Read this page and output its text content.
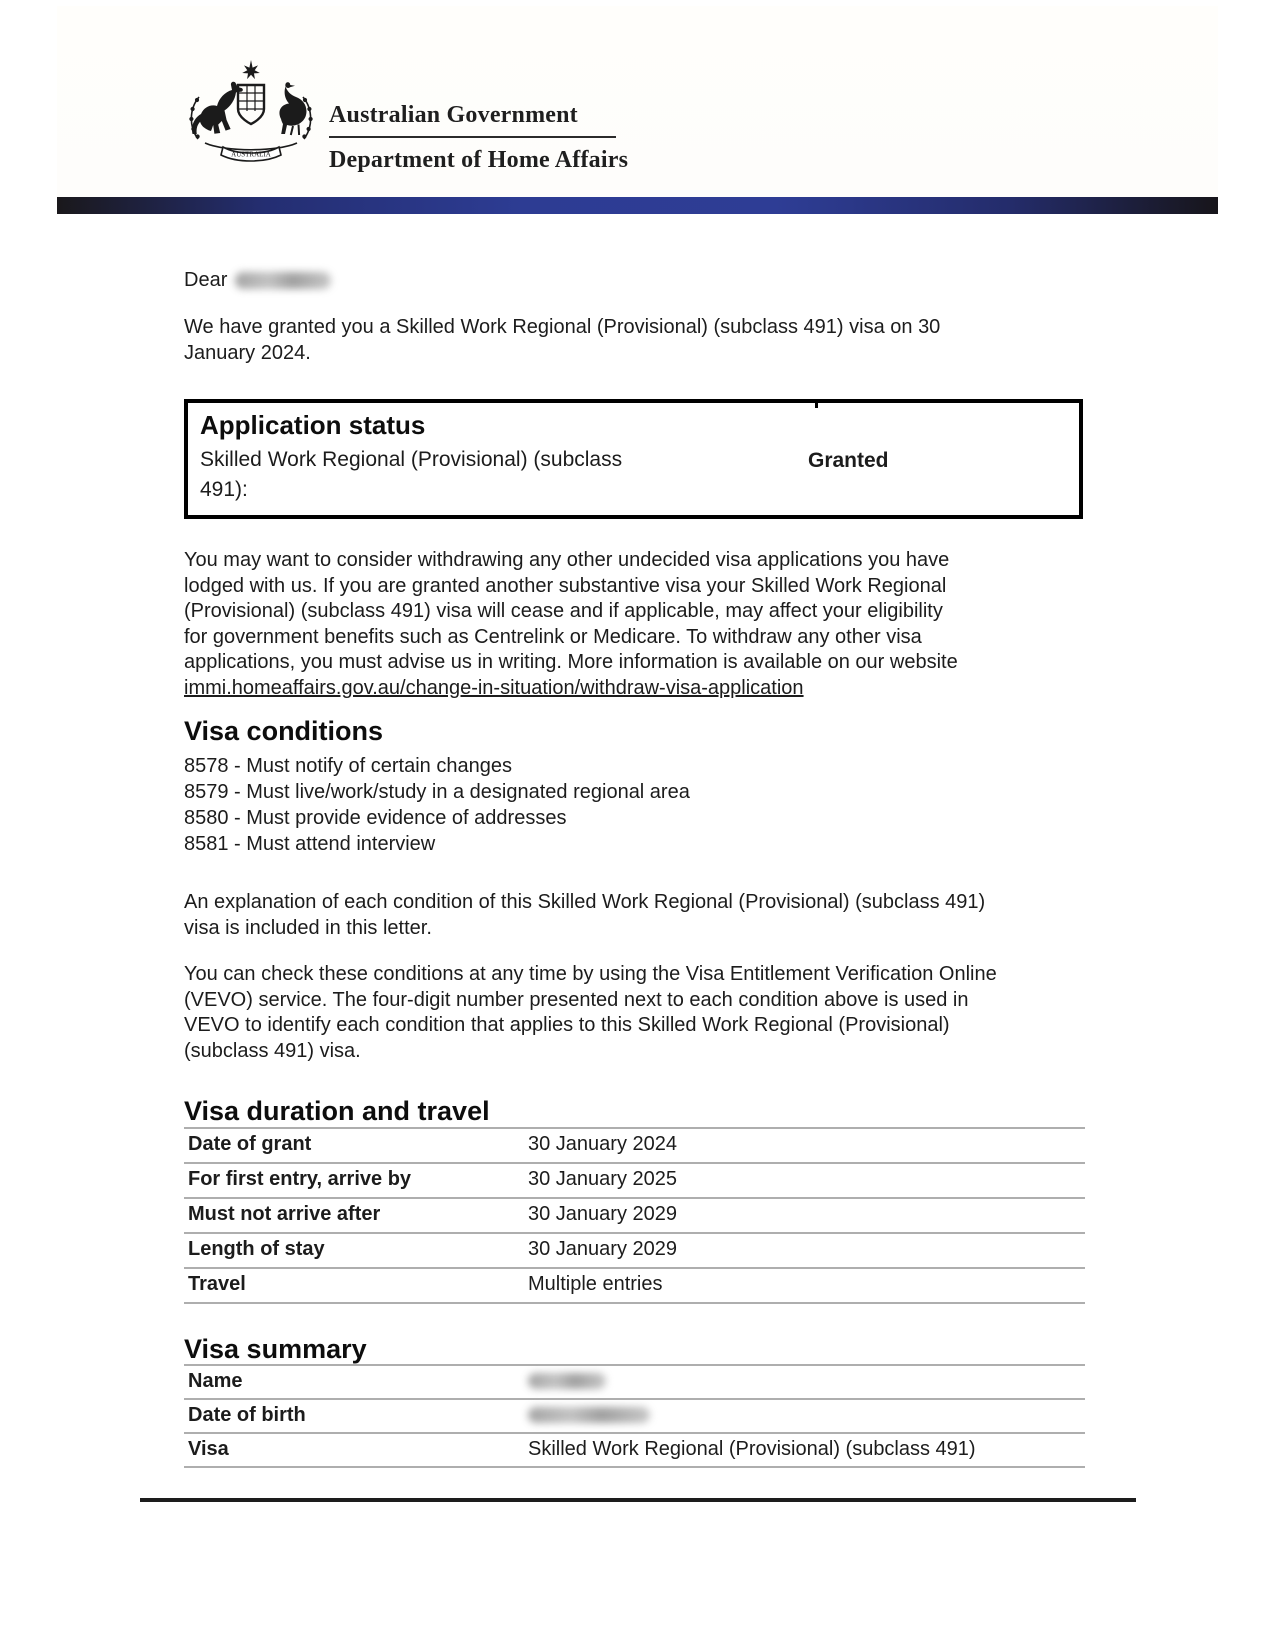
AUSTRALIA
Australian Government
Department of Home Affairs
Dear
We have granted you a Skilled Work Regional (Provisional) (subclass 491) visa on 30
January 2024.
Application status
Skilled Work Regional (Provisional) (subclass
491):
Granted
You may want to consider withdrawing any other undecided visa applications you have
lodged with us. If you are granted another substantive visa your Skilled Work Regional
(Provisional) (subclass 491) visa will cease and if applicable, may affect your eligibility
for government benefits such as Centrelink or Medicare. To withdraw any other visa
applications, you must advise us in writing. More information is available on our website
immi.homeaffairs.gov.au/change-in-situation/withdraw-visa-application
Visa conditions
8578 - Must notify of certain changes
8579 - Must live/work/study in a designated regional area
8580 - Must provide evidence of addresses
8581 - Must attend interview
An explanation of each condition of this Skilled Work Regional (Provisional) (subclass 491)
visa is included in this letter.
You can check these conditions at any time by using the Visa Entitlement Verification Online
(VEVO) service. The four-digit number presented next to each condition above is used in
VEVO to identify each condition that applies to this Skilled Work Regional (Provisional)
(subclass 491) visa.
Visa duration and travel
Date of grant	30 January 2024
For first entry, arrive by	30 January 2025
Must not arrive after	30 January 2029
Length of stay	30 January 2029
Travel	Multiple entries
Visa summary
Name
Date of birth
Visa	Skilled Work Regional (Provisional) (subclass 491)
